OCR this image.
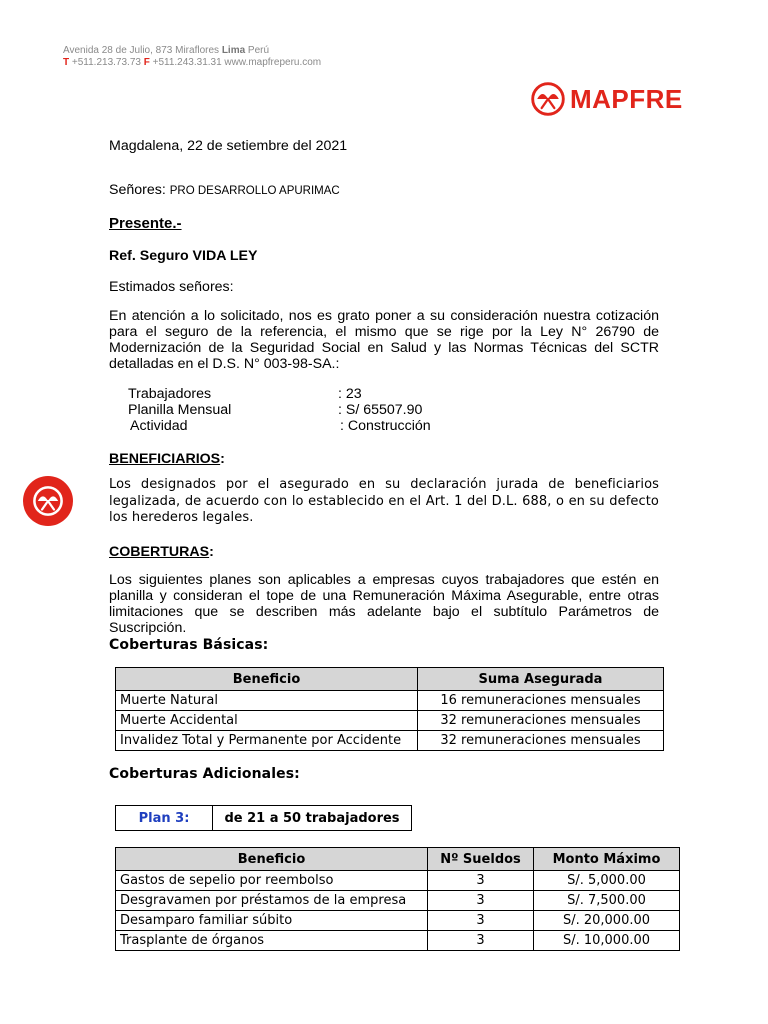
Avenida 28 de Julio, 873 Miraflores Lima Perú
T +511.213.73.73 F +511.243.31.31 www.mapfreperu.com
MAPFRE
Magdalena, 22 de setiembre del 2021
Señores: PRO DESARROLLO APURIMAC
Presente.-
Ref. Seguro VIDA LEY
Estimados señores:
En atención a lo solicitado, nos es grato poner a su consideración nuestra cotización
para el seguro de la referencia, el mismo que se rige por la Ley N° 26790 de
Modernización de la Seguridad Social en Salud y las Normas Técnicas del SCTR
detalladas en el D.S. N° 003-98-SA.:
Trabajadores	: 23
Planilla Mensual	: S/ 65507.90
Actividad	: Construcción
BENEFICIARIOS:
Los designados por el asegurado en su declaración jurada de beneficiarios
legalizada, de acuerdo con lo establecido en el Art. 1 del D.L. 688, o en su defecto
los herederos legales.
COBERTURAS:
Los siguientes planes son aplicables a empresas cuyos trabajadores que estén en
planilla y consideran el tope de una Remuneración Máxima Asegurable, entre otras
limitaciones que se describen más adelante bajo el subtítulo Parámetros de Suscripción.
Coberturas Básicas:
Beneficio	Suma Asegurada
Muerte Natural	16 remuneraciones mensuales
Muerte Accidental	32 remuneraciones mensuales
Invalidez Total y Permanente por Accidente	32 remuneraciones mensuales
Coberturas Adicionales:
Plan 3:	de 21 a 50 trabajadores
Beneficio	Nº Sueldos	Monto Máximo
Gastos de sepelio por reembolso	3	S/. 5,000.00
Desgravamen por préstamos de la empresa	3	S/. 7,500.00
Desamparo familiar súbito	3	S/. 20,000.00
Trasplante de órganos	3	S/. 10,000.00
